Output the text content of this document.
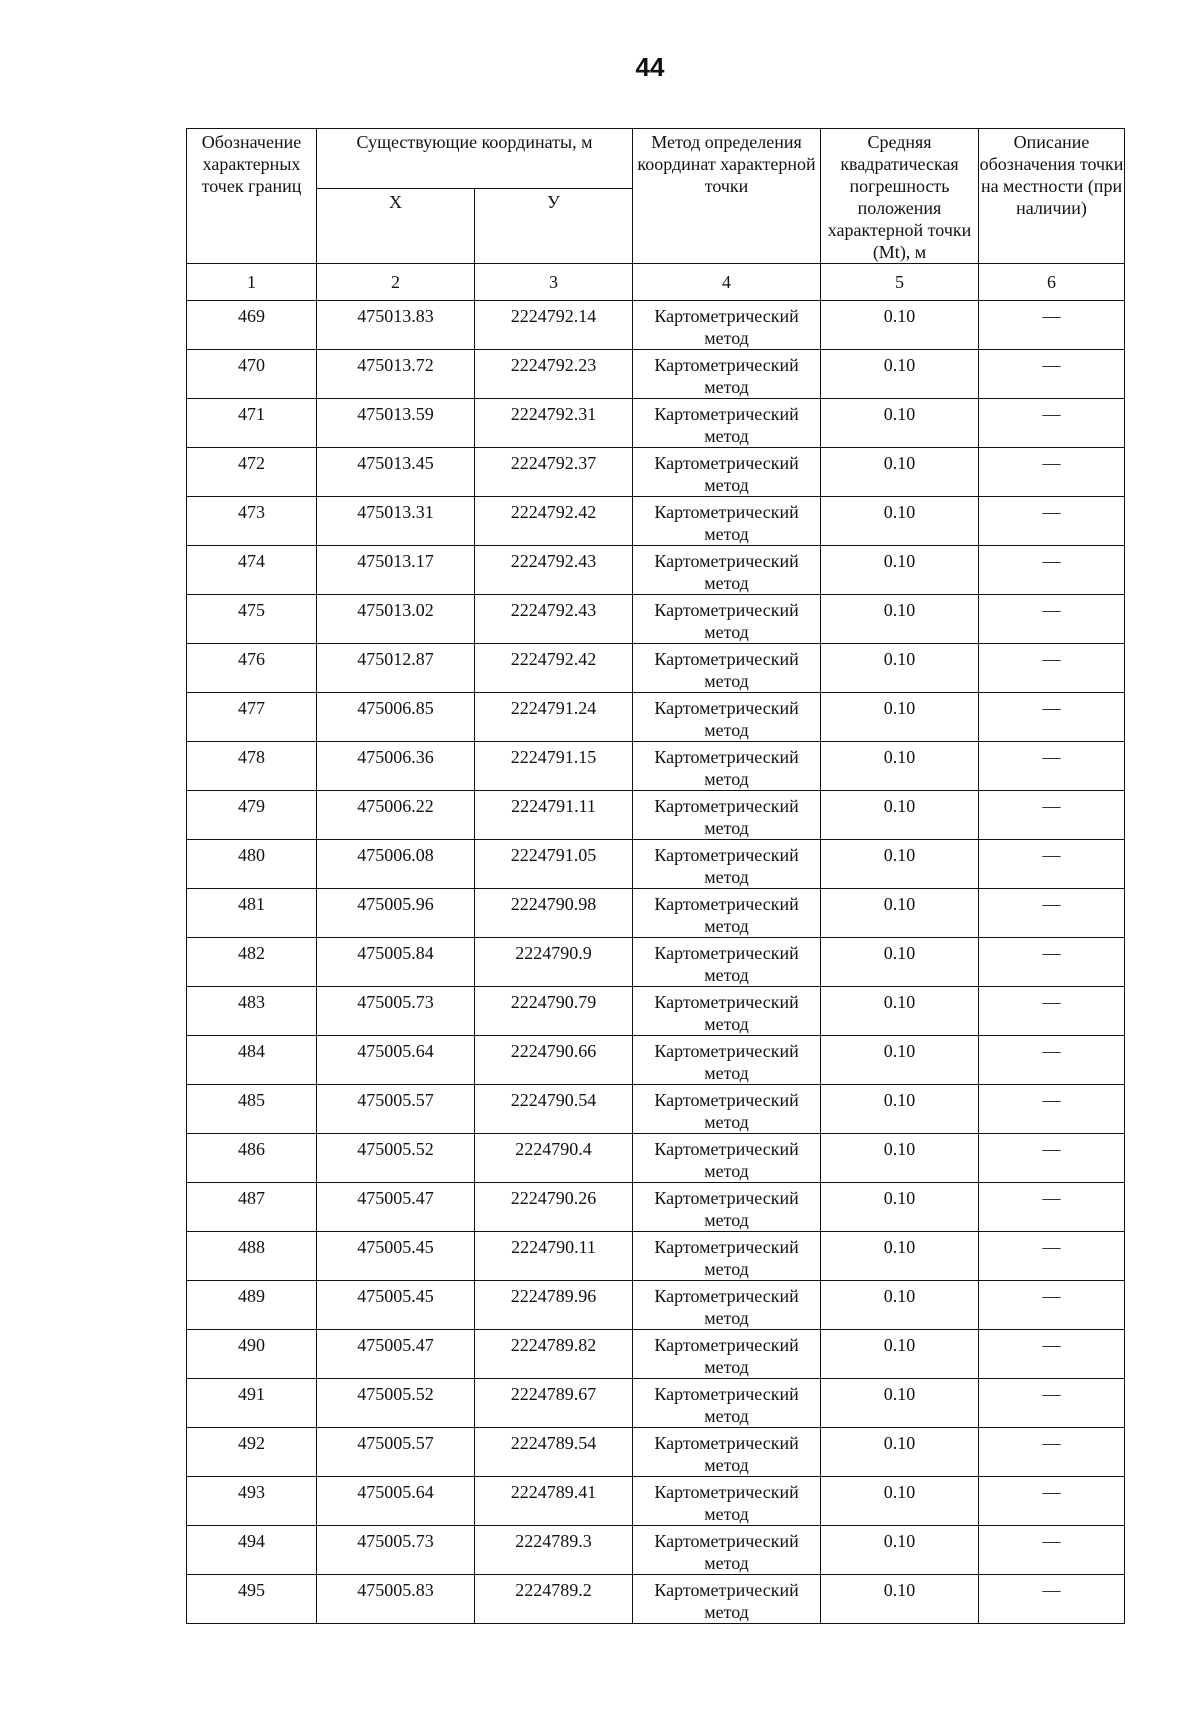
44
Обозначение характерных точек границ	Существующие координаты, м		Метод определения координат характерной точки	Средняя квадратическая погрешность положения характерной точки (Mt), м	Описание обозначения точки на местности (при наличии)
	X	У			
1	2	3	4	5	6

469	475013.83	2224792.14	Картометрический метод	0.10	—

470	475013.72	2224792.23	Картометрический метод	0.10	—

471	475013.59	2224792.31	Картометрический метод	0.10	—

472	475013.45	2224792.37	Картометрический метод	0.10	—

473	475013.31	2224792.42	Картометрический метод	0.10	—

474	475013.17	2224792.43	Картометрический метод	0.10	—

475	475013.02	2224792.43	Картометрический метод	0.10	—

476	475012.87	2224792.42	Картометрический метод	0.10	—

477	475006.85	2224791.24	Картометрический метод	0.10	—

478	475006.36	2224791.15	Картометрический метод	0.10	—

479	475006.22	2224791.11	Картометрический метод	0.10	—

480	475006.08	2224791.05	Картометрический метод	0.10	—

481	475005.96	2224790.98	Картометрический метод	0.10	—

482	475005.84	2224790.9	Картометрический метод	0.10	—

483	475005.73	2224790.79	Картометрический метод	0.10	—

484	475005.64	2224790.66	Картометрический метод	0.10	—

485	475005.57	2224790.54	Картометрический метод	0.10	—

486	475005.52	2224790.4	Картометрический метод	0.10	—

487	475005.47	2224790.26	Картометрический метод	0.10	—

488	475005.45	2224790.11	Картометрический метод	0.10	—

489	475005.45	2224789.96	Картометрический метод	0.10	—

490	475005.47	2224789.82	Картометрический метод	0.10	—

491	475005.52	2224789.67	Картометрический метод	0.10	—

492	475005.57	2224789.54	Картометрический метод	0.10	—

493	475005.64	2224789.41	Картометрический метод	0.10	—

494	475005.73	2224789.3	Картометрический метод	0.10	—

495	475005.83	2224789.2	Картометрический метод	0.10	—
